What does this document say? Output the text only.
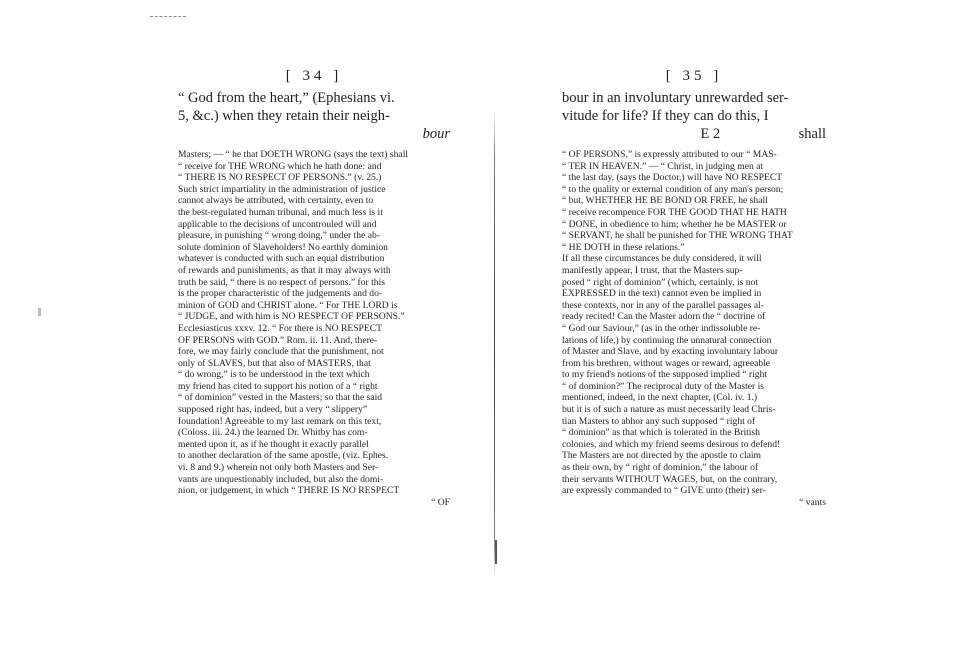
[ 34 ]
“ God from the heart,” (Ephesians vi.
5, &c.) when they retain their neigh-
bour
Masters; — “ he that DOETH WRONG (says the text) shall
“ receive for THE WRONG which he hath done: and
“ THERE IS NO RESPECT OF PERSONS.” (v. 25.)
Such strict impartiality in the administration of justice
cannot always be attributed, with certainty, even to
the best-regulated human tribunal, and much less is it
applicable to the decisions of uncontrouled will and
pleasure, in punishing “ wrong doing,” under the ab-
solute dominion of Slaveholders! No earthly dominion
whatever is conducted with such an equal distribution
of rewards and punishments, as that it may always with
truth be said, “ there is no respect of persons.” for this
is the proper characteristic of the judgements and do-
minion of GOD and CHRIST alone. “ For THE LORD is
“ JUDGE, and with him is NO RESPECT OF PERSONS.”
Ecclesiasticus xxxv. 12. “ For there is NO RESPECT
OF PERSONS with GOD.” Rom. ii. 11. And, there-
fore, we may fairly conclude that the punishment, not
only of SLAVES, but that also of MASTERS, that
“ do wrong,” is to be understood in the text which
my friend has cited to support his notion of a “ right
“ of dominion” vested in the Masters; so that the said
supposed right has, indeed, but a very “ slippery”
foundation! Agreeable to my last remark on this text,
(Coloss. iii. 24.) the learned Dr. Whitby has com-
mented upon it, as if he thought it exactly parallel
to another declaration of the same apostle, (viz. Ephes.
vi. 8 and 9.) wherein not only both Masters and Ser-
vants are unquestionably included, but also the domi-
nion, or judgement, in which “ THERE IS NO RESPECT
“ OF
[ 35 ]
bour in an involuntary unrewarded ser-
vitude for life? If they can do this, I
E 2	shall
“ OF PERSONS,” is expressly attributed to our “ MAS-
“ TER IN HEAVEN.” — “ Christ, in judging men at
“ the last day, (says the Doctor,) will have NO RESPECT
“ to the quality or external condition of any man's person;
“ but, WHETHER HE BE BOND OR FREE, he shall
“ receive recompence FOR THE GOOD THAT HE HATH
“ DONE, in obedience to him; whether he be MASTER or
“ SERVANT, he shall be punished for THE WRONG THAT
“ HE DOTH in these relations.”
If all these circumstances be duly considered, it will
manifestly appear, I trust, that the Masters sup-
posed “ right of dominion” (which, certainly, is not
EXPRESSED in the text) cannot even be implied in
these contexts, nor in any of the parallel passages al-
ready recited! Can the Master adorn the “ doctrine of
“ God our Saviour,” (as in the other indissoluble re-
lations of life,) by continuing the unnatural connection
of Master and Slave, and by exacting involuntary labour
from his brethren, without wages or reward, agreeable
to my friend's notions of the supposed implied “ right
“ of dominion?” The reciprocal duty of the Master is
mentioned, indeed, in the next chapter, (Col. iv. 1.)
but it is of such a nature as must necessarily lead Chris-
tian Masters to abhor any such supposed “ right of
“ dominion” as that which is tolerated in the British
colonies, and which my friend seems desirous to defend!
The Masters are not directed by the apostle to claim
as their own, by “ right of dominion,” the labour of
their servants WITHOUT WAGES, but, on the contrary,
are expressly commanded to “ GIVE unto (their) ser-
“ vants
